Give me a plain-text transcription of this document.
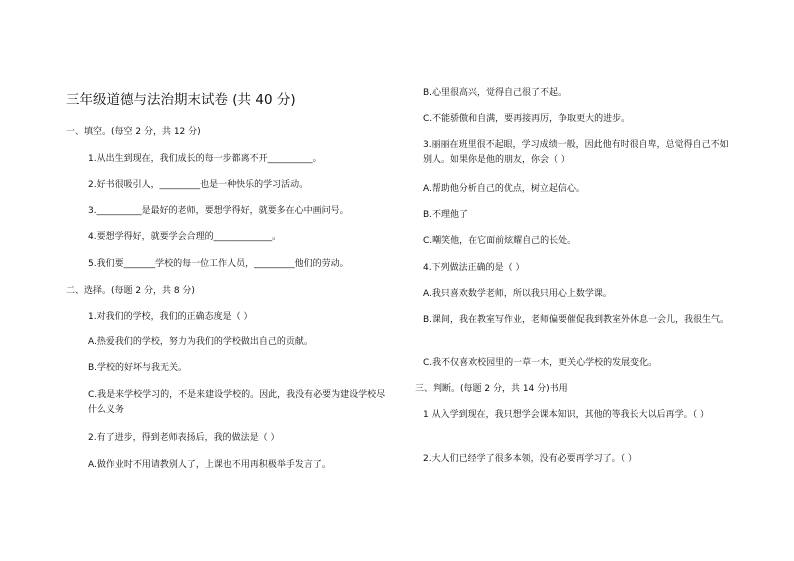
三年级道德与法治期末试卷 (共 40 分)
一、填空。(每空 2 分，共 12 分)
1.从出生到现在，我们成长的每一步都离不开__________。
2.好书很吸引人，_________也是一种快乐的学习活动。
3.__________是最好的老师，要想学得好，就要多在心中画问号。
4.要想学得好，就要学会合理的_____________。
5.我们要_______学校的每一位工作人员，_________他们的劳动。
二、选择。(每题 2 分，共 8 分)
1.对我们的学校，我们的正确态度是（ ）
A.热爱我们的学校，努力为我们的学校做出自己的贡献。
B.学校的好坏与我无关。
C.我是来学校学习的，不是来建设学校的。因此，我没有必要为建设学校尽什么义务
2.有了进步，得到老师表扬后，我的做法是（ ）
A.做作业时不用请教别人了，上课也不用再积极举手发言了。
B.心里很高兴，觉得自己很了不起。
C.不能骄傲和自满，要再接再厉，争取更大的进步。
3.丽丽在班里很不起眼，学习成绩一般，因此他有时很自卑，总觉得自己不如别人。如果你是他的朋友，你会（ ）
A.帮助他分析自己的优点，树立起信心。
B.不理他了
C.嘲笑他，在它面前炫耀自己的长处。
4.下列做法正确的是（ ）
A.我只喜欢数学老师，所以我只用心上数学课。
B.课间，我在教室写作业，老师偏要催促我到教室外休息一会儿，我很生气。
C.我不仅喜欢校园里的一草一木，更关心学校的发展变化。
三、判断。(每题 2 分，共 14 分)书用
1 从入学到现在，我只想学会课本知识，其他的等我长大以后再学。（ ）
2.大人们已经学了很多本领，没有必要再学习了。（ ）
